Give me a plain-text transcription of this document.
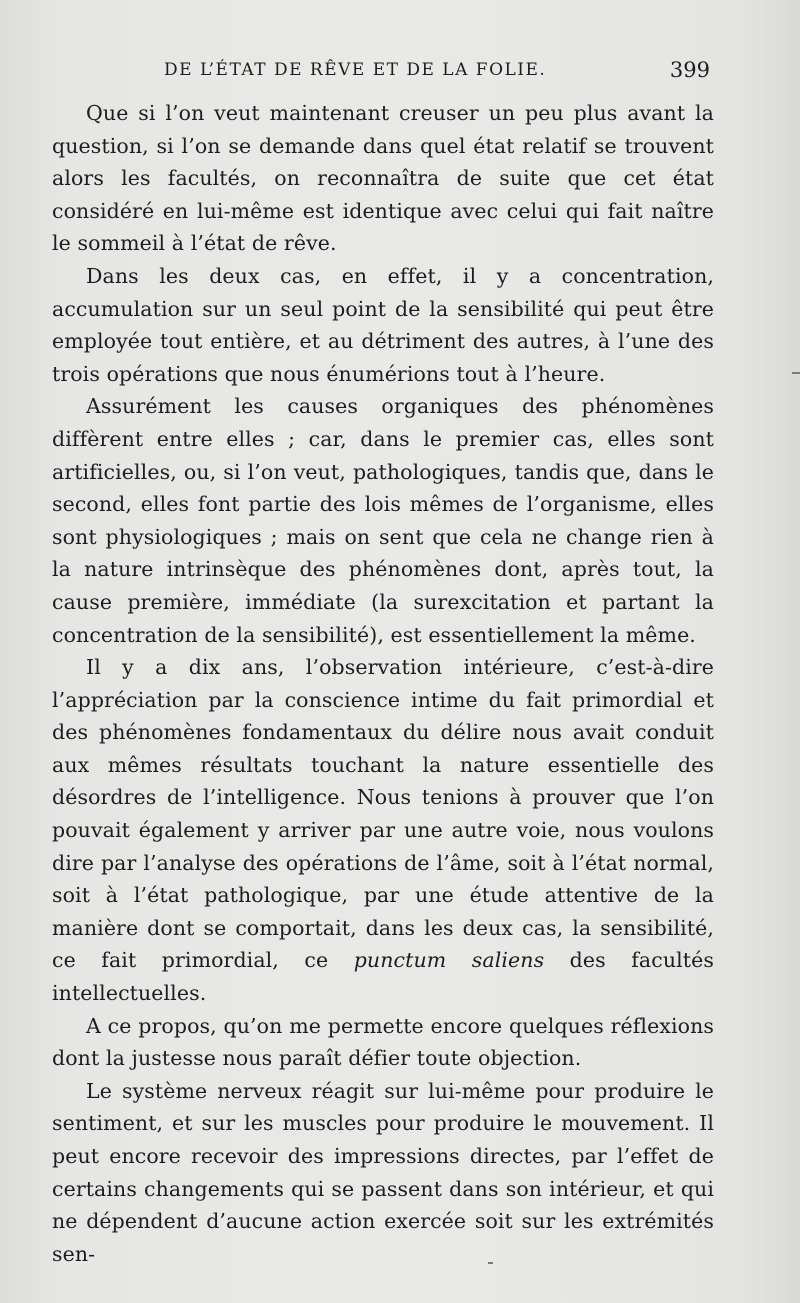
DE L’ÉTAT DE RÊVE ET DE LA FOLIE.	399

Que si l’on veut maintenant creuser un peu plus avant la question, si l’on se demande dans quel état relatif se trouvent alors les facultés, on reconnaîtra de suite que cet état considéré en lui-même est identique avec celui qui fait naître le sommeil à l’état de rêve.

Dans les deux cas, en effet, il y a concentration, accumulation sur un seul point de la sensibilité qui peut être employée tout entière, et au détriment des autres, à l’une des trois opérations que nous énumérions tout à l’heure.

Assurément les causes organiques des phénomènes diffèrent entre elles ; car, dans le premier cas, elles sont artificielles, ou, si l’on veut, pathologiques, tandis que, dans le second, elles font partie des lois mêmes de l’organisme, elles sont physiologiques ; mais on sent que cela ne change rien à la nature intrinsèque des phénomènes dont, après tout, la cause première, immédiate (la surexcitation et partant la concentration de la sensibilité), est essentiellement la même.

Il y a dix ans, l’observation intérieure, c’est-à-dire l’appréciation par la conscience intime du fait primordial et des phénomènes fondamentaux du délire nous avait conduit aux mêmes résultats touchant la nature essentielle des désordres de l’intelligence. Nous tenions à prouver que l’on pouvait également y arriver par une autre voie, nous voulons dire par l’analyse des opérations de l’âme, soit à l’état normal, soit à l’état pathologique, par une étude attentive de la manière dont se comportait, dans les deux cas, la sensibilité, ce fait primordial, ce punctum saliens des facultés intellectuelles.

A ce propos, qu’on me permette encore quelques réflexions dont la justesse nous paraît défier toute objection.

Le système nerveux réagit sur lui-même pour produire le sentiment, et sur les muscles pour produire le mouvement. Il peut encore recevoir des impressions directes, par l’effet de certains changements qui se passent dans son intérieur, et qui ne dépendent d’aucune action exercée soit sur les extrémités sen-
